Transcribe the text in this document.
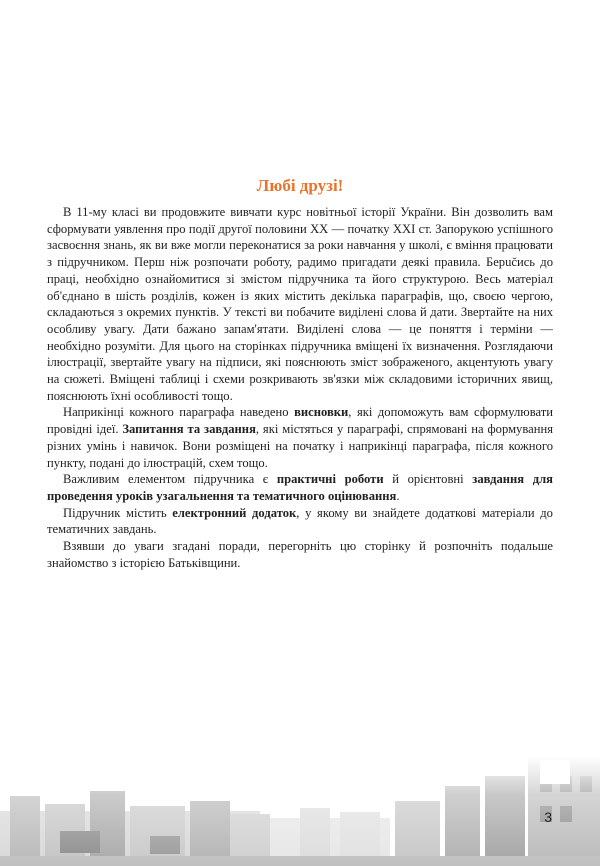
Любі друзі!

В 11-му класі ви продовжите вивчати курс новітньої історії України. Він дозволить вам сформувати уявлення про події другої половини XX — початку XXI ст. Запорукою успішного засвоєння знань, як ви вже могли переконатися за роки навчання у школі, є вміння працювати з підручником. Перш ніж розпочати роботу, радимо пригадати деякі правила. Берučись до праці, необхідно ознайомитися зі змістом підручника та його структурою. Весь матеріал об'єднано в шість розділів, кожен із яких містить декілька параграфів, що, своєю чергою, складаються з окремих пунктів. У тексті ви побачите виділені слова й дати. Звертайте на них особливу увагу. Дати бажано запам'ятати. Виділені слова — це поняття і терміни — необхідно розуміти. Для цього на сторінках підручника вміщені їх визначення. Розглядаючи ілюстрації, звертайте увагу на підписи, які пояснюють зміст зображеного, акцентують увагу на сюжеті. Вміщені таблиці і схеми розкривають зв'язки між складовими історичних явищ, пояснюють їхні особливості тощо.

Наприкінці кожного параграфа наведено висновки, які допоможуть вам сформулювати провідні ідеї. Запитання та завдання, які містяться у параграфі, спрямовані на формування різних умінь і навичок. Вони розміщені на початку і наприкінці параграфа, після кожного пункту, подані до ілюстрацій, схем тощо.

Важливим елементом підручника є практичні роботи й орієнтовні завдання для проведення уроків узагальнення та тематичного оцінювання.

Підручник містить електронний додаток, у якому ви знайдете додаткові матеріали до тематичних завдань.

Взявши до уваги згадані поради, перегорніть цю сторінку й розпочніть подальше знайомство з історією Батьківщини.

3
